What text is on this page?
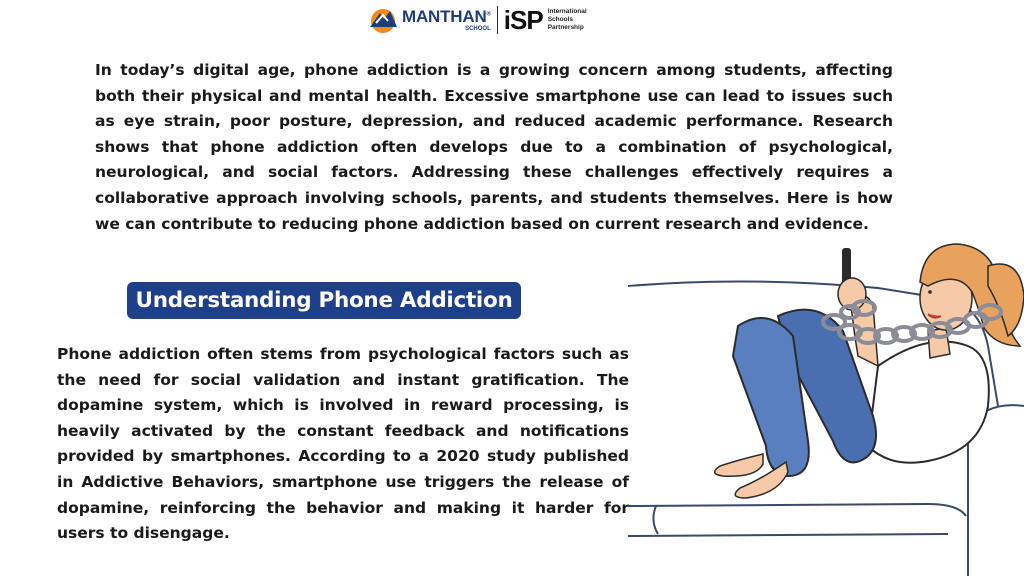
MANTHAN®
SCHOOL iSP International
Schools
Partnership

In today’s digital age, phone addiction is a growing concern among students, affecting both their physical and mental health. Excessive smartphone use can lead to issues such as eye strain, poor posture, depression, and reduced academic performance. Research shows that phone addiction often develops due to a combination of psychological, neurological, and social factors. Addressing these challenges effectively requires a collaborative approach involving schools, parents, and students themselves. Here is how we can contribute to reducing phone addiction based on current research and evidence.

Understanding Phone Addiction

Phone addiction often stems from psychological factors such as the need for social validation and instant gratification. The dopamine system, which is involved in reward processing, is heavily activated by the constant feedback and notifications provided by smartphones. According to a 2020 study published in Addictive Behaviors, smartphone use triggers the release of dopamine, reinforcing the behavior and making it harder for users to disengage.
